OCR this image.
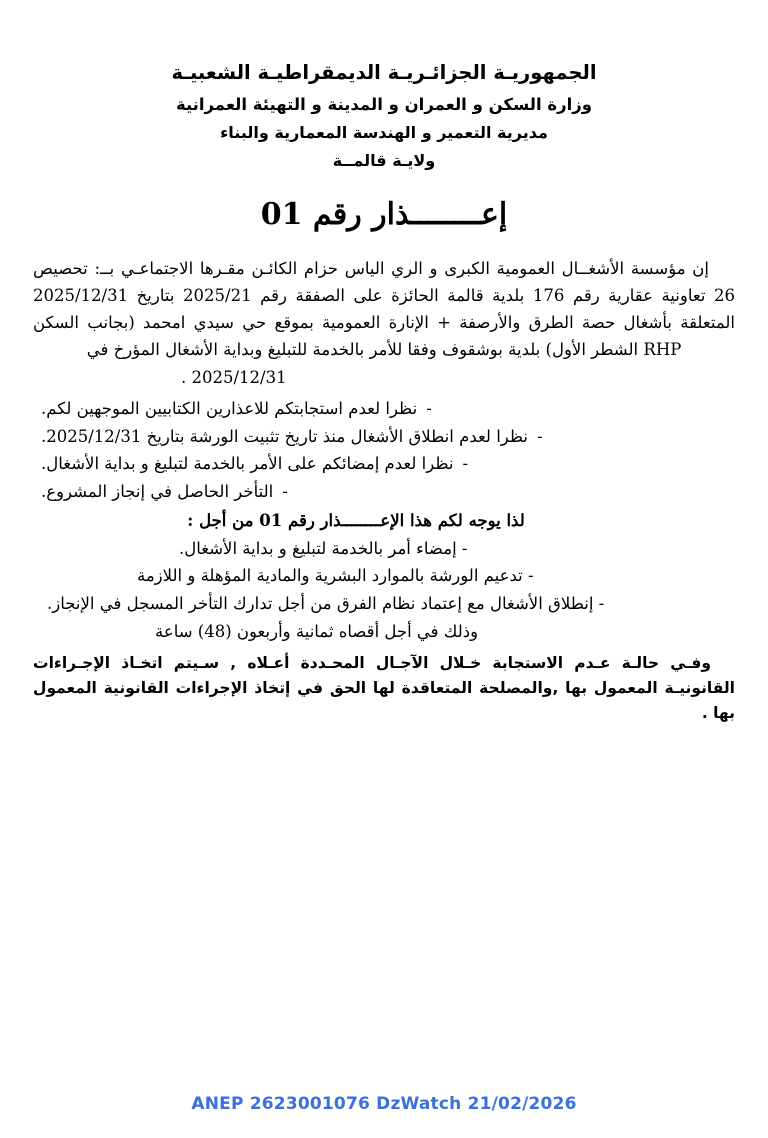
الجمهوريـة الجزائـريـة الديمقراطيـة الشعبيـة
وزارة السكن و العمران و المدينة و التهيئة العمرانية
مديرية التعمير و الهندسة المعمارية والبناء
ولايـة قالمــة
إعــــــــذار رقم 01

إن مؤسسة الأشغــال العمومية الكبرى و الري الياس حزام الكائـن مقـرها الاجتماعـي بــ: تحصيص 26 تعاونية عقارية رقم 176 بلدية قالمة الحائزة على الصفقة رقم 2025/21 بتاريخ 2025/12/31 المتعلقة بأشغال حصة الطرق والأرصفة + الإنارة العمومية بموقع حي سيدي امحمد (بجانب السكن RHP الشطر الأول) بلدية بوشقوف وفقا للأمر بالخدمة للتبليغ وبداية الأشغال المؤرخ في

. 2025/12/31

-
نظرا لعدم استجابتكم للاعذارين الكتابيين الموجهين لكم.
-
نظرا لعدم انطلاق الأشغال منذ تاريخ تثبيت الورشة بتاريخ 2025/12/31.
-
نظرا لعدم إمضائكم على الأمر بالخدمة لتبليغ و بداية الأشغال.
-
التأخر الحاصل في إنجاز المشروع.

لذا يوجه لكم هذا الإعــــــــذار رقم 01 من أجل :

- إمضاء أمر بالخدمة لتبليغ و بداية الأشغال.
- تدعيم الورشة بالموارد البشرية والمادية المؤهلة و اللازمة
- إنطلاق الأشغال مع إعتماد نظام الفرق من أجل تدارك التأخر المسجل في الإنجاز.

وذلك في أجل أقصاه ثمانية وأربعون (48) ساعة

وفـي حالـة عـدم الاستجابة خـلال الآجـال المحـددة أعـلاه , سـيتم اتخـاذ الإجـراءات القانونيـة المعمول بها ,والمصلحة المتعاقدة لها الحق في إتخاذ الإجراءات القانونية المعمول بها .

ANEP 2623001076 DzWatch 21/02/2026
